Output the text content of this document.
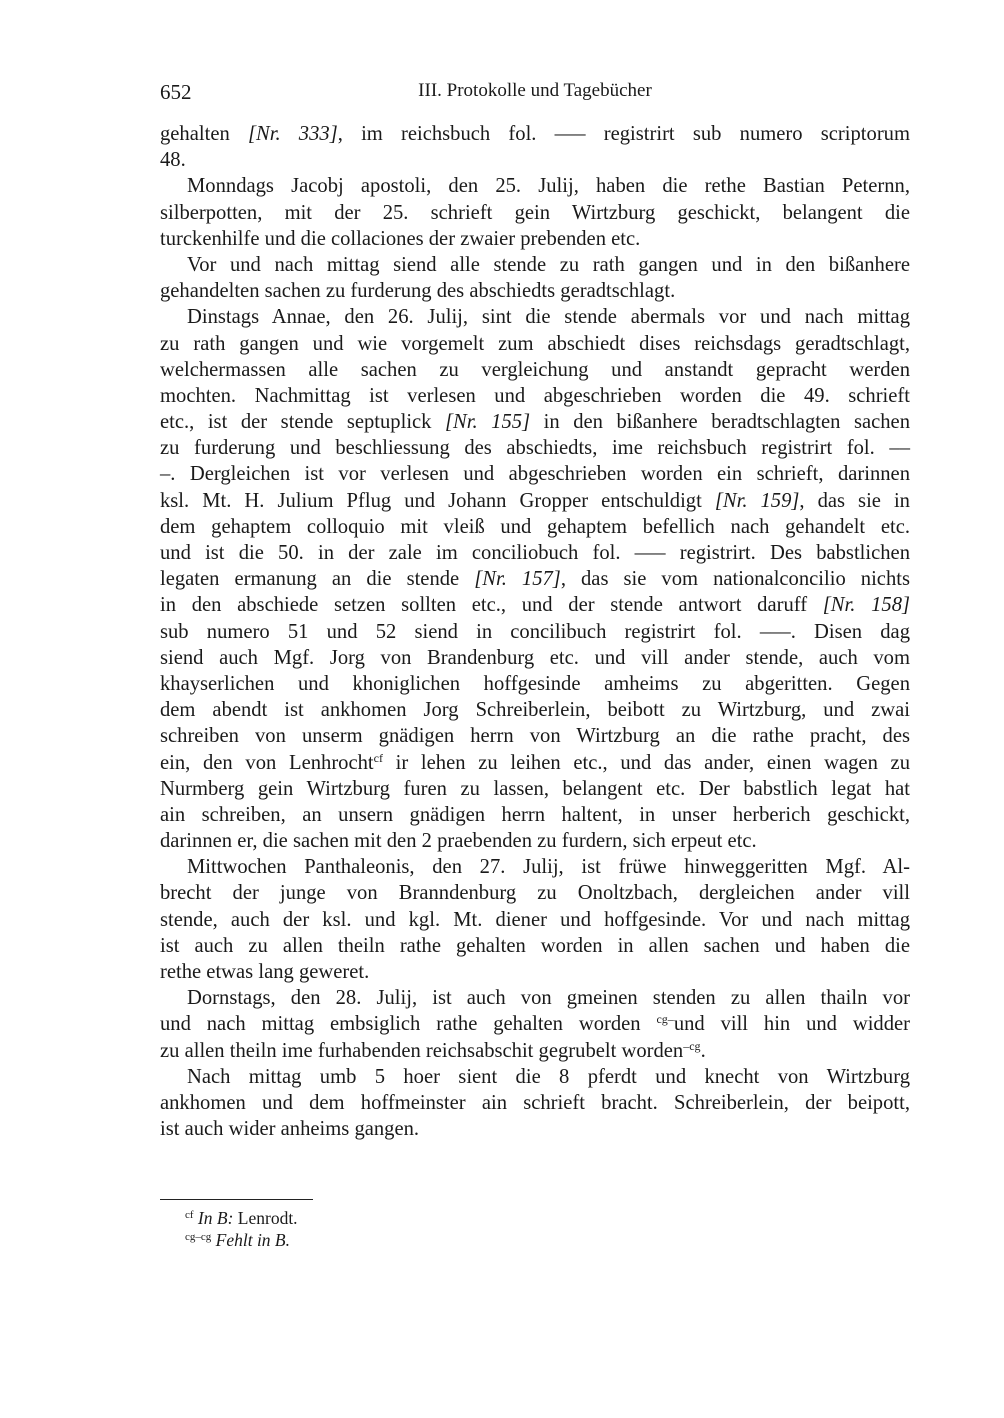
652	III. Protokolle und Tagebücher
gehalten [Nr. 333], im reichsbuch fol. ––– registrirt sub numero scriptorum
48.
Monndags Jacobj apostoli, den 25. Julij, haben die rethe Bastian Peternn,
silberpotten, mit der 25. schrieft gein Wirtzburg geschickt, belangent die
turckenhilfe und die collaciones der zwaier prebenden etc.
Vor und nach mittag siend alle stende zu rath gangen und in den bißanhere
gehandelten sachen zu furderung des abschiedts geradtschlagt.
Dinstags Annae, den 26. Julij, sint die stende abermals vor und nach mittag
zu rath gangen und wie vorgemelt zum abschiedt dises reichsdags geradtschlagt,
welchermassen alle sachen zu vergleichung und anstandt gepracht werden
mochten. Nachmittag ist verlesen und abgeschrieben worden die 49. schrieft
etc., ist der stende septuplick [Nr. 155] in den bißanhere beradtschlagten sachen
zu furderung und beschliessung des abschiedts, ime reichsbuch registrirt fol. ––
–. Dergleichen ist vor verlesen und abgeschrieben worden ein schrieft, darinnen
ksl. Mt. H. Julium Pflug und Johann Gropper entschuldigt [Nr. 159], das sie in
dem gehaptem colloquio mit vleiß und gehaptem befellich nach gehandelt etc.
und ist die 50. in der zale im conciliobuch fol. ––– registrirt. Des babstlichen
legaten ermanung an die stende [Nr. 157], das sie vom nationalconcilio nichts
in den abschiede setzen sollten etc., und der stende antwort daruff [Nr. 158]
sub numero 51 und 52 siend in concilibuch registrirt fol. –––. Disen dag
siend auch Mgf. Jorg von Brandenburg etc. und vill ander stende, auch vom
khayserlichen und khoniglichen hoffgesinde amheims zu abgeritten. Gegen
dem abendt ist ankhomen Jorg Schreiberlein, beibott zu Wirtzburg, und zwai
schreiben von unserm gnädigen herrn von Wirtzburg an die rathe pracht, des
ein, den von Lenhrocht$^{cf}$ ir lehen zu leihen etc., und das ander, einen wagen zu
Nurmberg gein Wirtzburg furen zu lassen, belangent etc. Der babstlich legat hat
ain schreiben, an unsern gnädigen herrn haltent, in unser herberich geschickt,
darinnen er, die sachen mit den 2 praebenden zu furdern, sich erpeut etc.
Mittwochen Panthaleonis, den 27. Julij, ist früwe hinweggeritten Mgf. Al-
brecht der junge von Branndenburg zu Onoltzbach, dergleichen ander vill
stende, auch der ksl. und kgl. Mt. diener und hoffgesinde. Vor und nach mittag
ist auch zu allen theiln rathe gehalten worden in allen sachen und haben die
rethe etwas lang geweret.
Dornstags, den 28. Julij, ist auch von gmeinen stenden zu allen thailn vor
und nach mittag embsiglich rathe gehalten worden $^{cg-}$und vill hin und widder
zu allen theiln ime furhabenden reichsabschit gegrubelt worden$^{-cg}$.
Nach mittag umb 5 hoer sient die 8 pferdt und knecht von Wirtzburg
ankhomen und dem hoffmeinster ain schrieft bracht. Schreiberlein, der beipott,
ist auch wider anheims gangen.
$^{cf}$ In B: Lenrodt.
$^{cg-cg}$ Fehlt in B.
